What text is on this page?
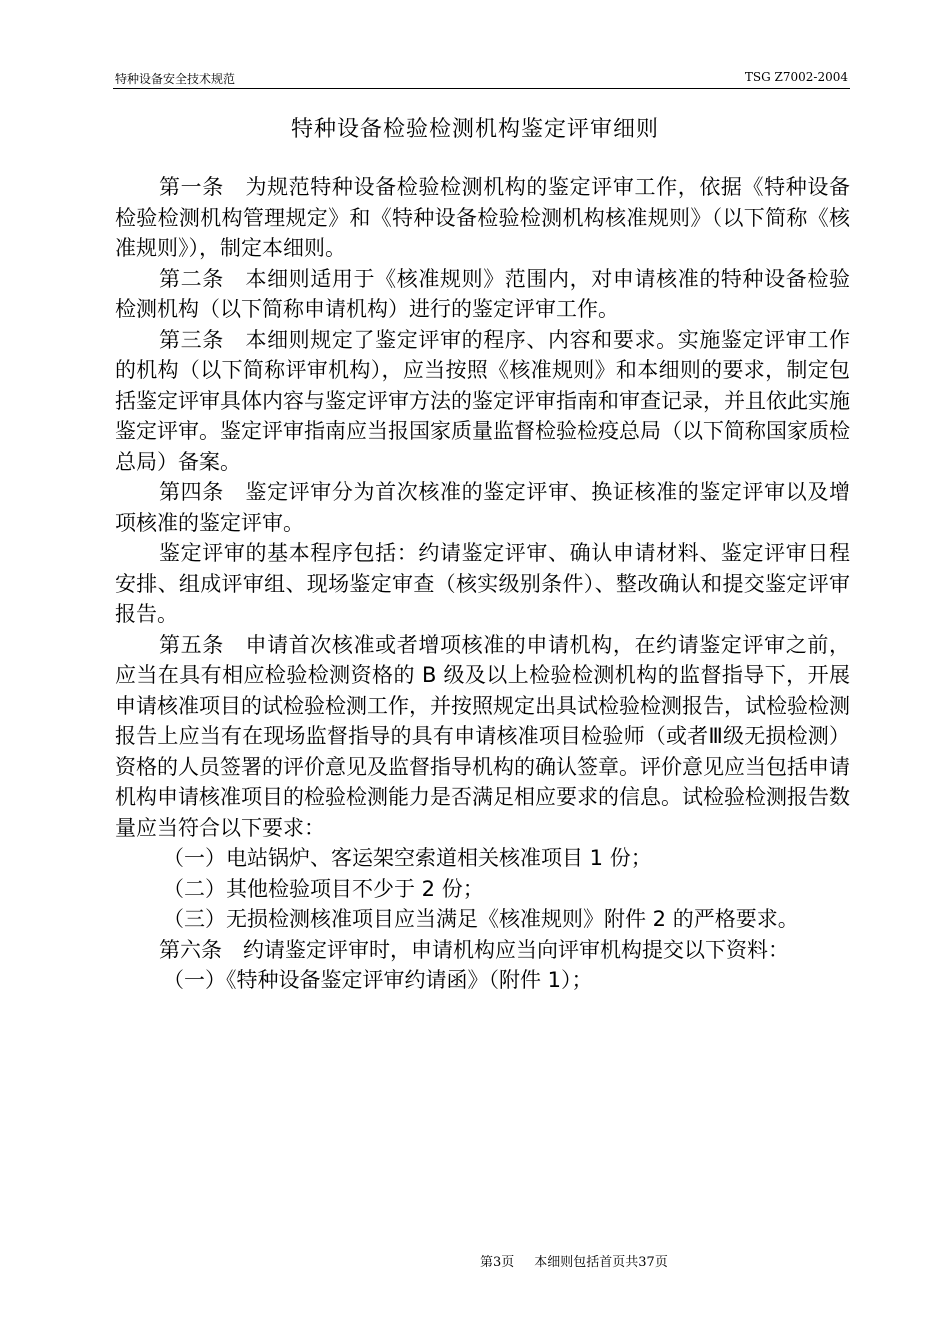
特种设备安全技术规范	TSG Z7002-2004
特种设备检验检测机构鉴定评审细则

第一条　为规范特种设备检验检测机构的鉴定评审工作，依据《特种设备检验检测机构管理规定》和《特种设备检验检测机构核准规则》（以下简称《核准规则》），制定本细则。

第二条　本细则适用于《核准规则》范围内，对申请核准的特种设备检验检测机构（以下简称申请机构）进行的鉴定评审工作。

第三条　本细则规定了鉴定评审的程序、内容和要求。实施鉴定评审工作的机构（以下简称评审机构），应当按照《核准规则》和本细则的要求，制定包括鉴定评审具体内容与鉴定评审方法的鉴定评审指南和审查记录，并且依此实施鉴定评审。鉴定评审指南应当报国家质量监督检验检疫总局（以下简称国家质检总局）备案。

第四条　鉴定评审分为首次核准的鉴定评审、换证核准的鉴定评审以及增项核准的鉴定评审。

鉴定评审的基本程序包括：约请鉴定评审、确认申请材料、鉴定评审日程安排、组成评审组、现场鉴定审查（核实级别条件）、整改确认和提交鉴定评审报告。

第五条　申请首次核准或者增项核准的申请机构，在约请鉴定评审之前，应当在具有相应检验检测资格的 B 级及以上检验检测机构的监督指导下，开展申请核准项目的试检验检测工作，并按照规定出具试检验检测报告，试检验检测报告上应当有在现场监督指导的具有申请核准项目检验师（或者Ⅲ级无损检测）资格的人员签署的评价意见及监督指导机构的确认签章。评价意见应当包括申请机构申请核准项目的检验检测能力是否满足相应要求的信息。试检验检测报告数量应当符合以下要求：

（一）电站锅炉、客运架空索道相关核准项目 1 份；

（二）其他检验项目不少于 2 份；

（三）无损检测核准项目应当满足《核准规则》附件 2 的严格要求。

第六条　约请鉴定评审时，申请机构应当向评审机构提交以下资料：

（一）《特种设备鉴定评审约请函》（附件 1）；

第3页 本细则包括首页共37页
